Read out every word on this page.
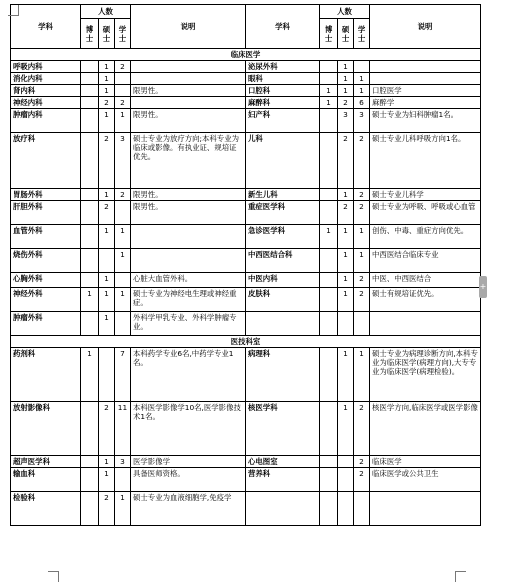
学科	人数			说明	学科	人数			说明
	博士	硕士	学士			博士	硕士	学士	
临床医学									
呼吸内科		1	2		泌尿外科		1		
消化内科		1			眼科		1	1	
肾内科		1		限男性。	口腔科	1	1	1	口腔医学
神经内科		2	2		麻醉科	1	2	6	麻醉学
肿瘤内科		1	1	限男性。	妇产科		3	3	硕士专业为妇科肿瘤1名。
放疗科		2	3	硕士专业为放疗方向;本科专业为临床或影像。有执业证、规培证优先。	儿科		2	2	硕士专业儿科呼吸方向1名。
胃肠外科		1	2	限男性。	新生儿科		1	2	硕士专业儿科学
肝胆外科		2		限男性。	重症医学科		2	2	硕士专业为呼吸、呼吸或心血管
血管外科		1	1		急诊医学科	1	1	1	创伤、中毒、重症方向优先。
烧伤外科			1		中西医结合科		1	1	中西医结合临床专业
心胸外科		1		心脏大血管外科。	中医内科		1	2	中医、中西医结合
神经外科	1	1	1	硕士专业为神经电生理或神经重症。	皮肤科		1	2	硕士有规培证优先。
肿瘤外科		1		外科学甲乳专业、外科学肿瘤专业。					
医技科室									
药剂科	1		7	本科药学专业6名,中药学专业1名。	病理科		1	1	硕士专业为病理诊断方向,本科专业为临床医学(病理方向),大专专业为临床医学(病理检验)。
放射影像科		2	11	本科医学影像学10名,医学影像技术1名。	核医学科		1	2	核医学方向,临床医学或医学影像
超声医学科		1	3	医学影像学	心电图室			2	临床医学
输血科		1		具备医师资格。	营养科			2	临床医学或公共卫生
检验科		2	1	硕士专业为血液细胞学,免疫学					
+
